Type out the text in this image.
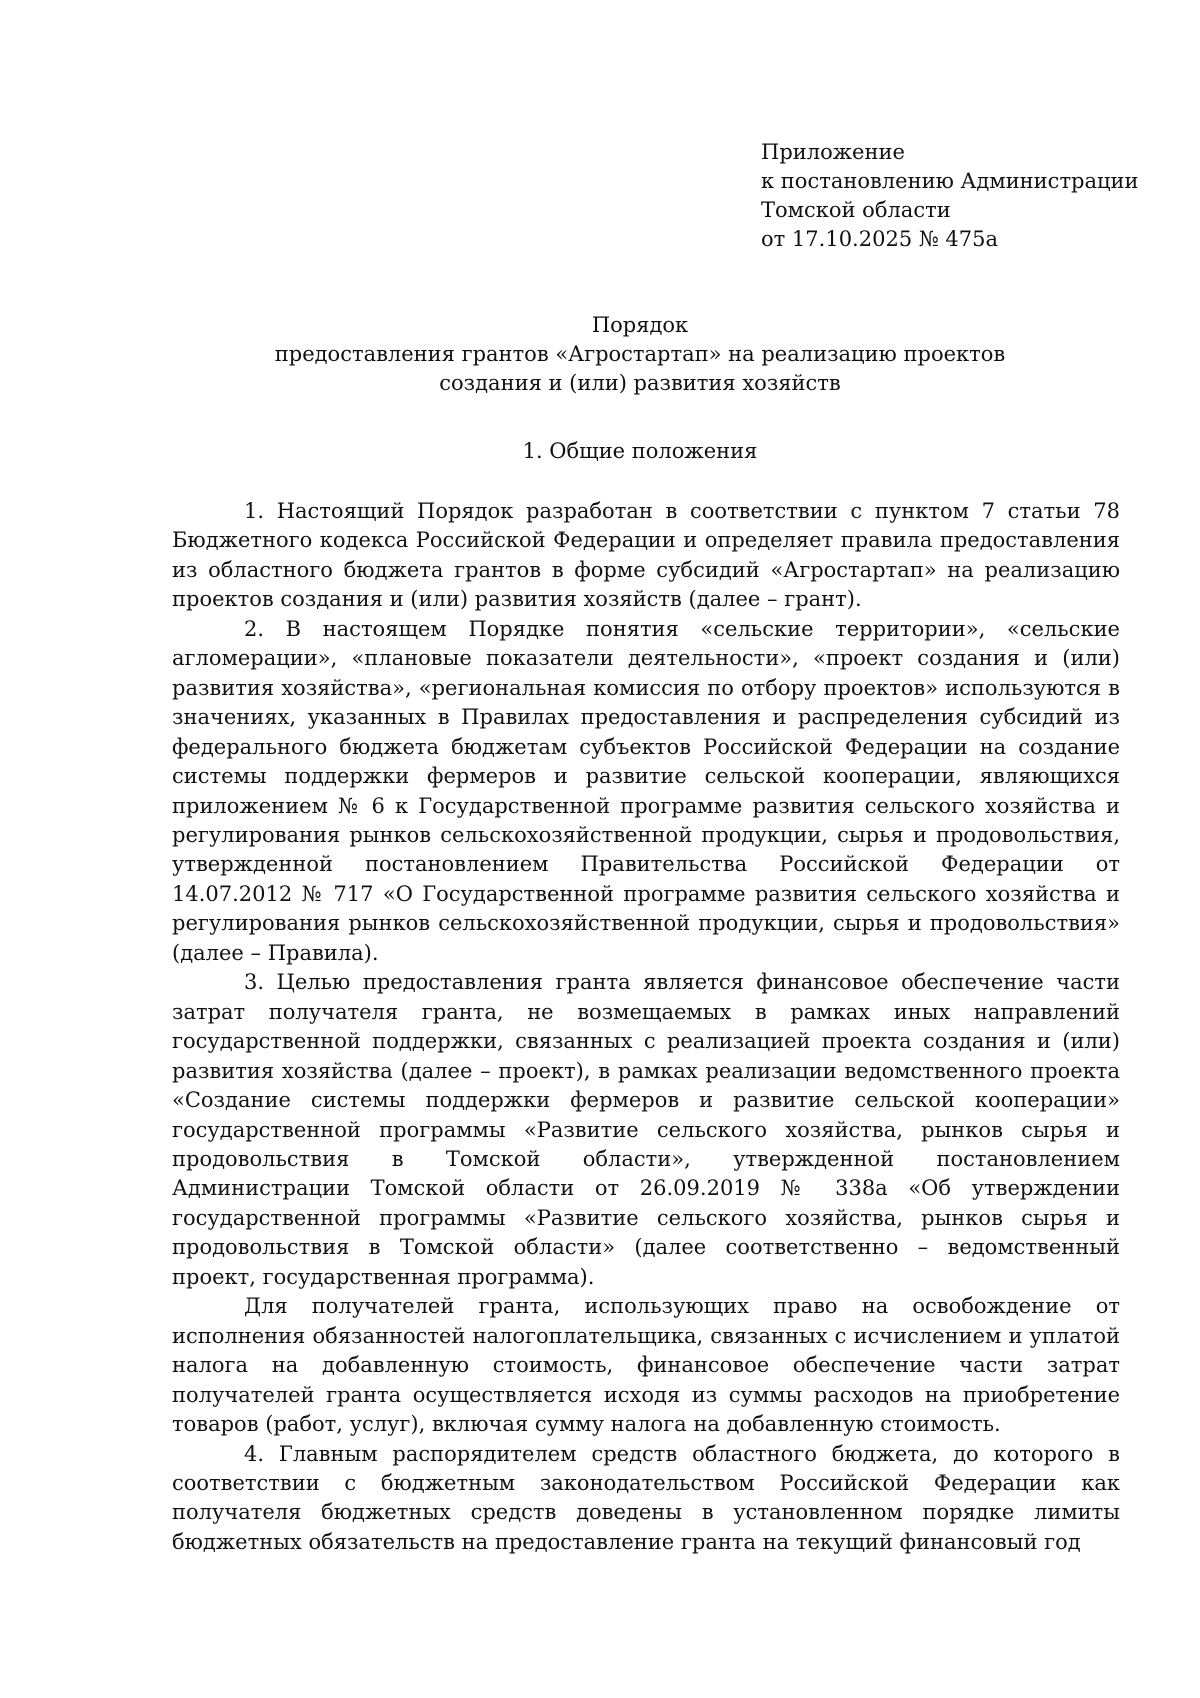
Приложение
к постановлению Администрации
Томской области
от 17.10.2025 № 475а
Порядок
предоставления грантов «Агростартап» на реализацию проектов
создания и (или) развития хозяйств
1. Общие положения

1. Настоящий Порядок разработан в соответствии с пунктом 7 статьи 78 Бюджетного кодекса Российской Федерации и определяет правила предоставления из областного бюджета грантов в форме субсидий «Агростартап» на реализацию проектов создания и (или) развития хозяйств (далее – грант).

2. В настоящем Порядке понятия «сельские территории», «сельские агломерации», «плановые показатели деятельности», «проект создания и (или) развития хозяйства», «региональная комиссия по отбору проектов» используются в значениях, указанных в Правилах предоставления и распределения субсидий из федерального бюджета бюджетам субъектов Российской Федерации на создание системы поддержки фермеров и развитие сельской кооперации, являющихся приложением № 6 к Государственной программе развития сельского хозяйства и регулирования рынков сельскохозяйственной продукции, сырья и продовольствия, утвержденной постановлением Правительства Российской Федерации от 14.07.2012 № 717 «О Государственной программе развития сельского хозяйства и регулирования рынков сельскохозяйственной продукции, сырья и продовольствия» (далее – Правила).

3. Целью предоставления гранта является финансовое обеспечение части затрат получателя гранта, не возмещаемых в рамках иных направлений государственной поддержки, связанных с реализацией проекта создания и (или) развития хозяйства (далее – проект), в рамках реализации ведомственного проекта «Создание системы поддержки фермеров и развитие сельской кооперации» государственной программы «Развитие сельского хозяйства, рынков сырья и продовольствия в Томской области», утвержденной постановлением Администрации Томской области от 26.09.2019 № 338а «Об утверждении государственной программы «Развитие сельского хозяйства, рынков сырья и продовольствия в Томской области» (далее соответственно – ведомственный проект, государственная программа).

Для получателей гранта, использующих право на освобождение от исполнения обязанностей налогоплательщика, связанных с исчислением и уплатой налога на добавленную стоимость, финансовое обеспечение части затрат получателей гранта осуществляется исходя из суммы расходов на приобретение товаров (работ, услуг), включая сумму налога на добавленную стоимость.

4. Главным распорядителем средств областного бюджета, до которого в соответствии с бюджетным законодательством Российской Федерации как получателя бюджетных средств доведены в установленном порядке лимиты бюджетных обязательств на предоставление гранта на текущий финансовый год
